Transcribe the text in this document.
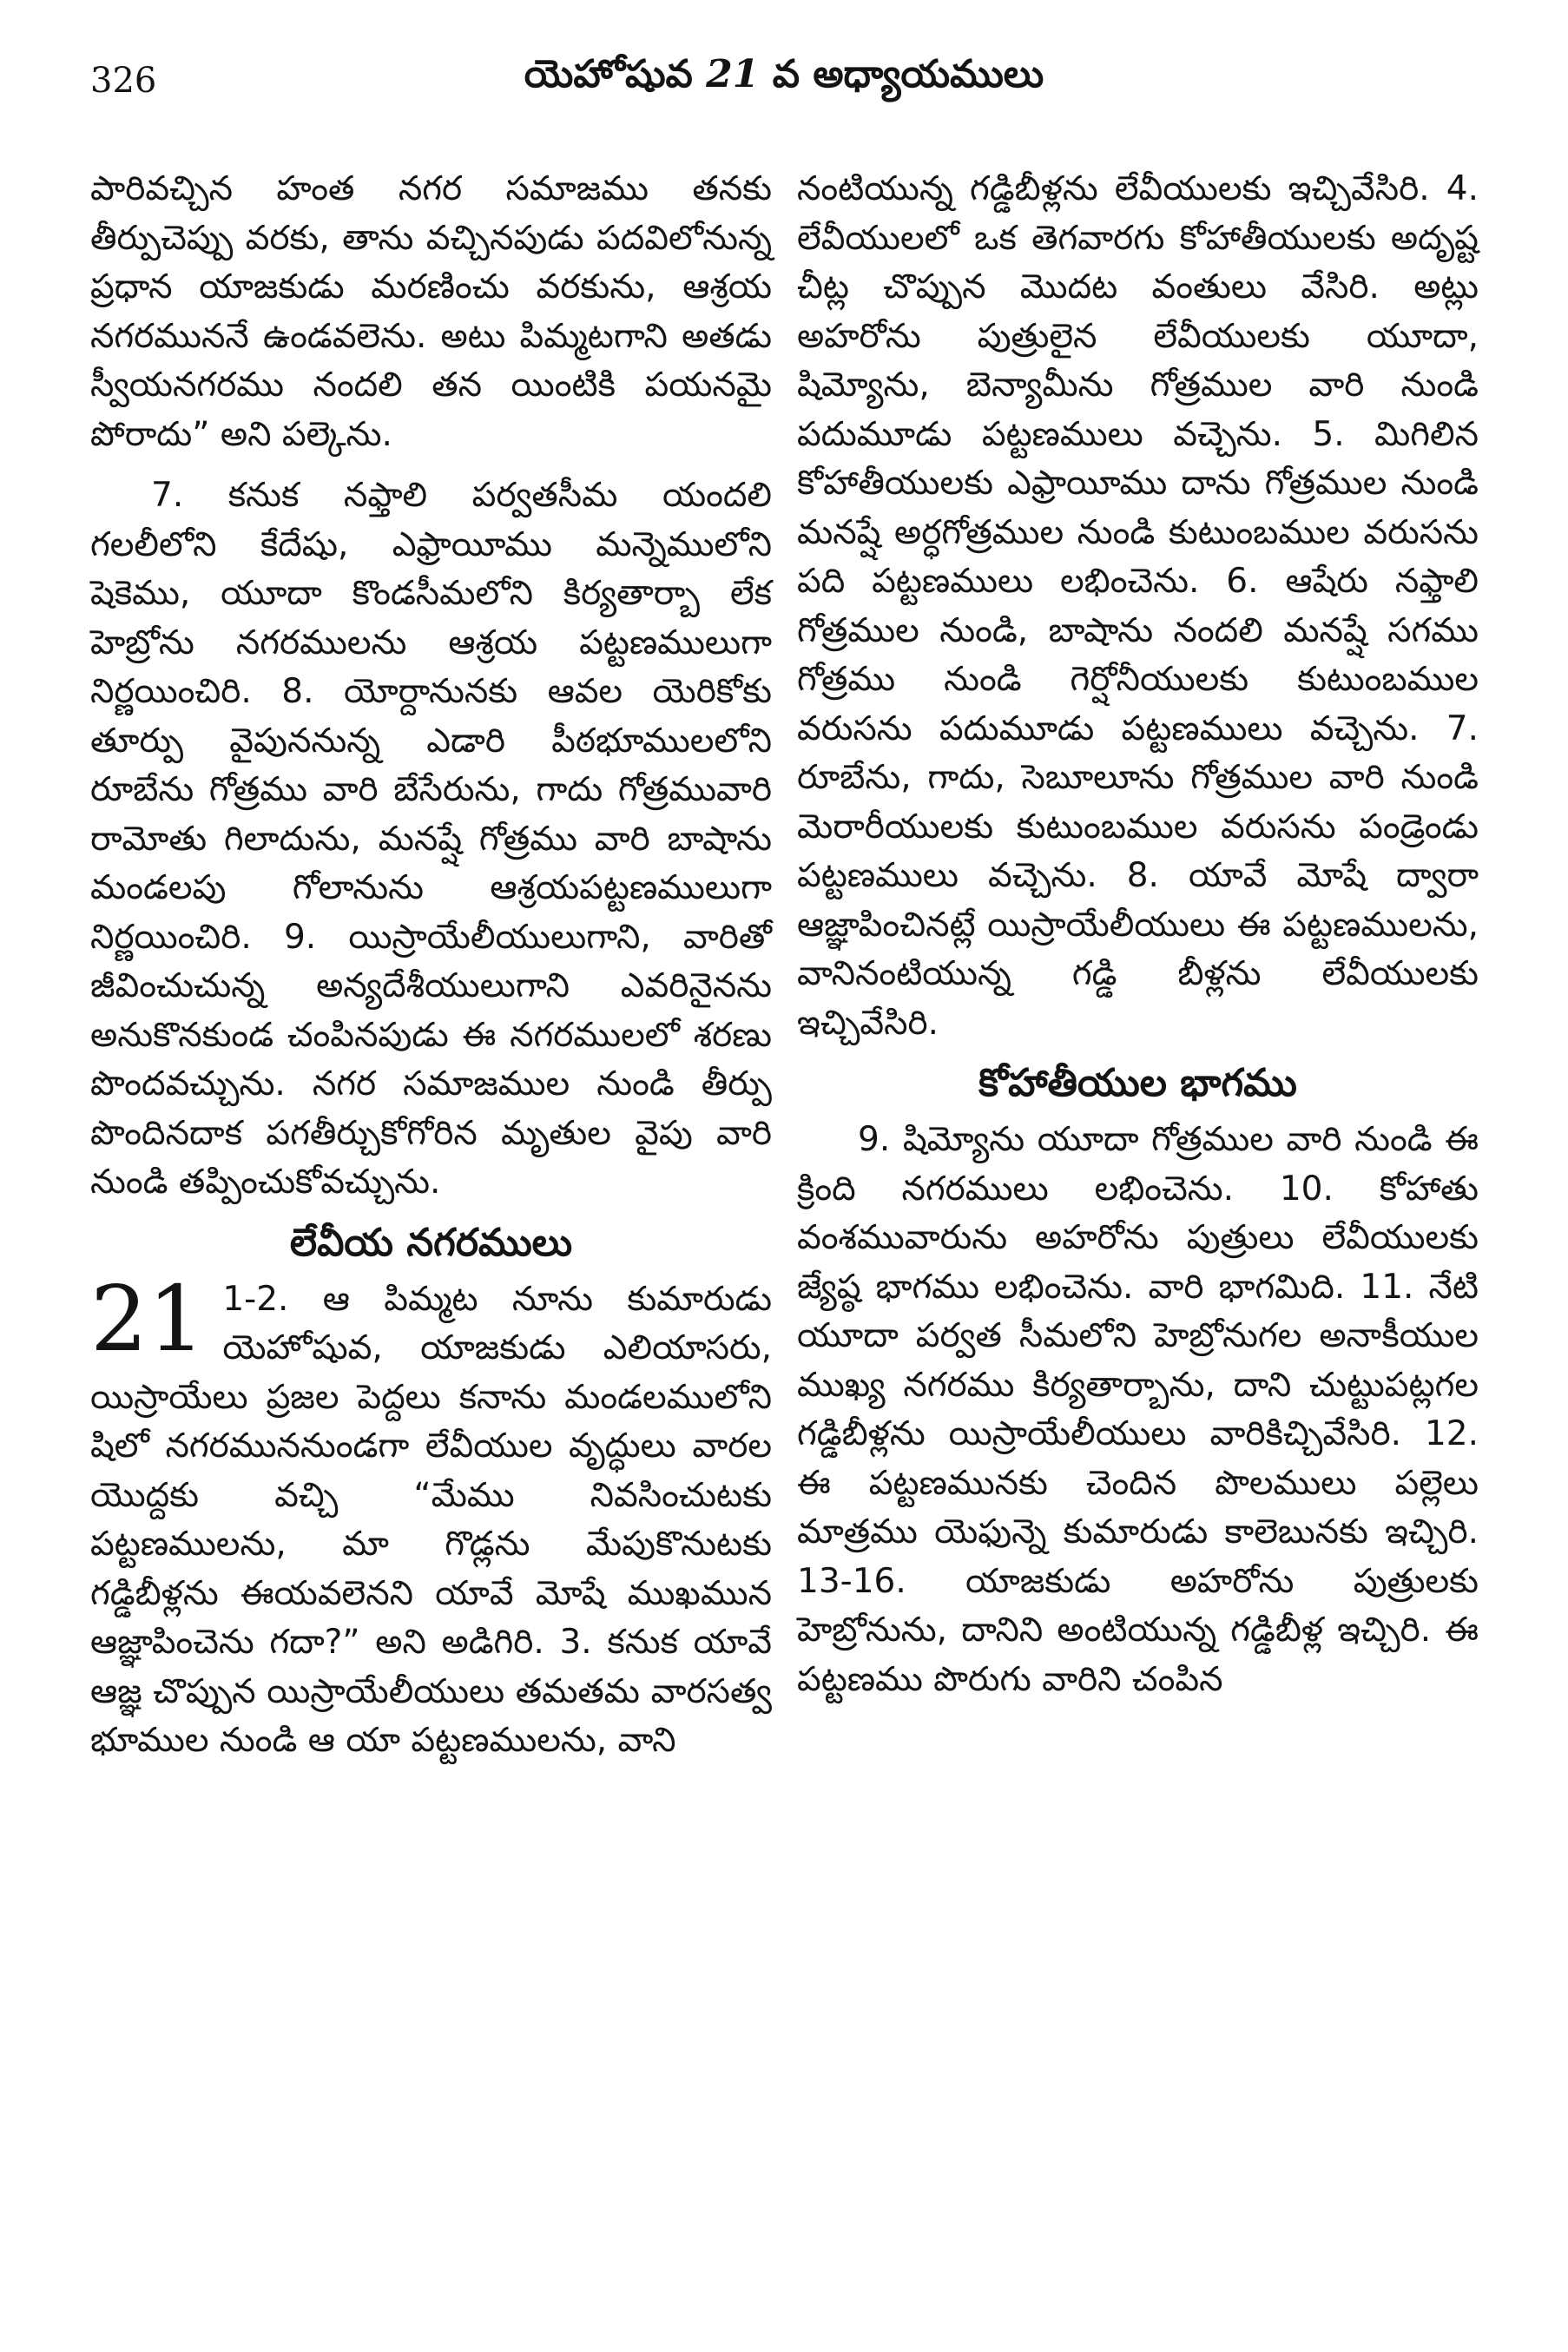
326	యెహోషువ 21 వ అధ్యాయములు

పారివచ్చిన హంత నగర సమాజము తనకు తీర్పుచెప్పు వరకు, తాను వచ్చినపుడు పదవిలోనున్న ప్రధాన యాజకుడు మరణించు వరకును, ఆశ్రయ నగరముననే ఉండవలెను. అటు పిమ్మటగాని అతడు స్వీయనగరము నందలి తన యింటికి పయనమై పోరాదు” అని పల్కెను.

7. కనుక నఫ్తాలి పర్వతసీమ యందలి గలలీలోని కేదేషు, ఎఫ్రాయీము మన్నెములోని షెకెము, యూదా కొండసీమలోని కిర్యతార్బా లేక హెబ్రోను నగరములను ఆశ్రయ పట్టణములుగా నిర్ణయించిరి. 8. యోర్దానునకు ఆవల యెరికోకు తూర్పు వైపుననున్న ఎడారి పీఠభూములలోని రూబేను గోత్రము వారి బేసేరును, గాదు గోత్రమువారి రామోతు గిలాదును, మనష్షే గోత్రము వారి బాషాను మండలపు గోలానును ఆశ్రయపట్టణములుగా నిర్ణయించిరి. 9. యిస్రాయేలీయులుగాని, వారితో జీవించుచున్న అన్యదేశీయులుగాని ఎవరినైనను అనుకొనకుండ చంపినపుడు ఈ నగరములలో శరణు పొందవచ్చును. నగర సమాజముల నుండి తీర్పు పొందినదాక పగతీర్చుకోగోరిన మృతుల వైపు వారి నుండి తప్పించుకోవచ్చును.

లేవీయ నగరములు

21 1-2. ఆ పిమ్మట నూను కుమారుడు యెహోషువ, యాజకుడు ఎలియాసరు, యిస్రాయేలు ప్రజల పెద్దలు కనాను మండలములోని షిలో నగరముననుండగా లేవీయుల వృద్ధులు వారల యొద్దకు వచ్చి “మేము నివసించుటకు పట్టణములను, మా గొడ్లను మేపుకొనుటకు గడ్డిబీళ్లను ఈయవలెనని యావే మోషే ముఖమున ఆజ్ఞాపించెను గదా?” అని అడిగిరి. 3. కనుక యావే ఆజ్ఞ చొప్పున యిస్రాయేలీయులు తమతమ వారసత్వ భూముల నుండి ఆ యా పట్టణములను, వాని

నంటియున్న గడ్డిబీళ్లను లేవీయులకు ఇచ్చివేసిరి. 4. లేవీయులలో ఒక తెగవారగు కోహాతీయులకు అదృష్ట చీట్ల చొప్పున మొదట వంతులు వేసిరి. అట్లు అహరోను పుత్రులైన లేవీయులకు యూదా, షిమ్యోను, బెన్యామీను గోత్రముల వారి నుండి పదుమూడు పట్టణములు వచ్చెను. 5. మిగిలిన కోహాతీయులకు ఎఫ్రాయీము దాను గోత్రముల నుండి మనష్షే అర్ధగోత్రముల నుండి కుటుంబముల వరుసను పది పట్టణములు లభించెను. 6. ఆషేరు నఫ్తాలి గోత్రముల నుండి, బాషాను నందలి మనష్షే సగము గోత్రము నుండి గెర్షోనీయులకు కుటుంబముల వరుసను పదుమూడు పట్టణములు వచ్చెను. 7. రూబేను, గాదు, సెబూలూను గోత్రముల వారి నుండి మెరారీయులకు కుటుంబముల వరుసను పండ్రెండు పట్టణములు వచ్చెను. 8. యావే మోషే ద్వారా ఆజ్ఞాపించినట్లే యిస్రాయేలీయులు ఈ పట్టణములను, వానినంటియున్న గడ్డి బీళ్లను లేవీయులకు ఇచ్చివేసిరి.

కోహాతీయుల భాగము

9. షిమ్యోను యూదా గోత్రముల వారి నుండి ఈ క్రింది నగరములు లభించెను. 10. కోహాతు వంశమువారును అహరోను పుత్రులు లేవీయులకు జ్యేష్ఠ భాగము లభించెను. వారి భాగమిది. 11. నేటి యూదా పర్వత సీమలోని హెబ్రోనుగల అనాకీయుల ముఖ్య నగరము కిర్యతార్బాను, దాని చుట్టుపట్లగల గడ్డిబీళ్లను యిస్రాయేలీయులు వారికిచ్చివేసిరి. 12. ఈ పట్టణమునకు చెందిన పొలములు పల్లెలు మాత్రము యెఫున్నె కుమారుడు కాలెబునకు ఇచ్చిరి. 13-16. యాజకుడు అహరోను పుత్రులకు హెబ్రోనును, దానిని అంటియున్న గడ్డిబీళ్ల ఇచ్చిరి. ఈ పట్టణము పొరుగు వారిని చంపిన
